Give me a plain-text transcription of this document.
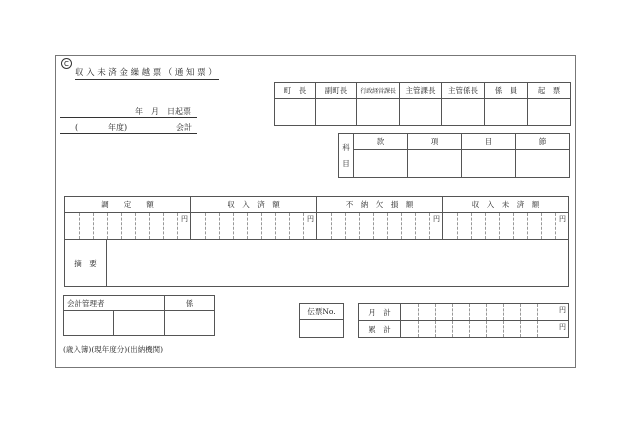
C
収入未済金繰越票（通知票）
年　月　日起票
(	年度)	会計

町　長	副町長	行政経営課長	主管課長	主管係長	係　員	起　票

科
目	款	項	目	節

調　　定　　額		収　入　済　額	不　納　欠　損　額	収　入　未　済　額

円		円	円	円

摘　要				
会計管理者		係

伝票No.	月　計	円

累　計	円
(歳入簿)(現年度分)(出納機関)
